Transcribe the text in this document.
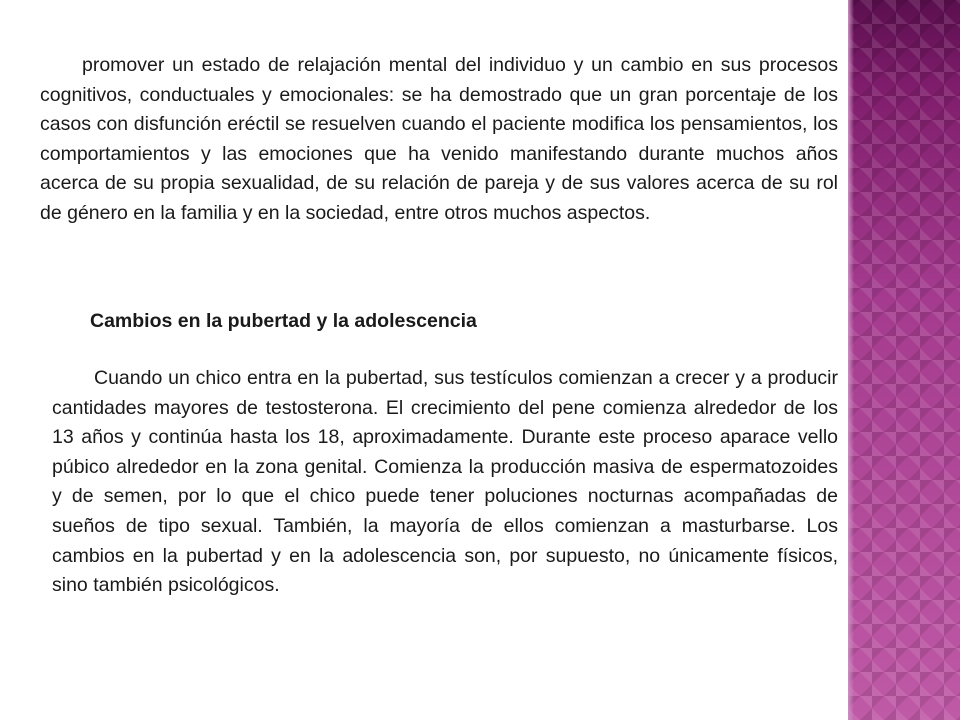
promover un estado de relajación mental del individuo y un cambio en sus procesos cognitivos, conductuales y emocionales: se ha demostrado que un gran porcentaje de los casos con disfunción eréctil se resuelven cuando el paciente modifica los pensamientos, los comportamientos y las emociones que ha venido manifestando durante muchos años acerca de su propia sexualidad, de su relación de pareja y de sus valores acerca de su rol de género en la familia y en la sociedad, entre otros muchos aspectos.

Cambios en la pubertad y la adolescencia

Cuando un chico entra en la pubertad, sus testículos comienzan a crecer y a producir cantidades mayores de testosterona. El crecimiento del pene comienza alrededor de los 13 años y continúa hasta los 18, aproximadamente. Durante este proceso aparace vello púbico alrededor en la zona genital. Comienza la producción masiva de espermatozoides y de semen, por lo que el chico puede tener poluciones nocturnas acompañadas de sueños de tipo sexual. También, la mayoría de ellos comienzan a masturbarse. Los cambios en la pubertad y en la adolescencia son, por supuesto, no únicamente físicos, sino también psicológicos.
